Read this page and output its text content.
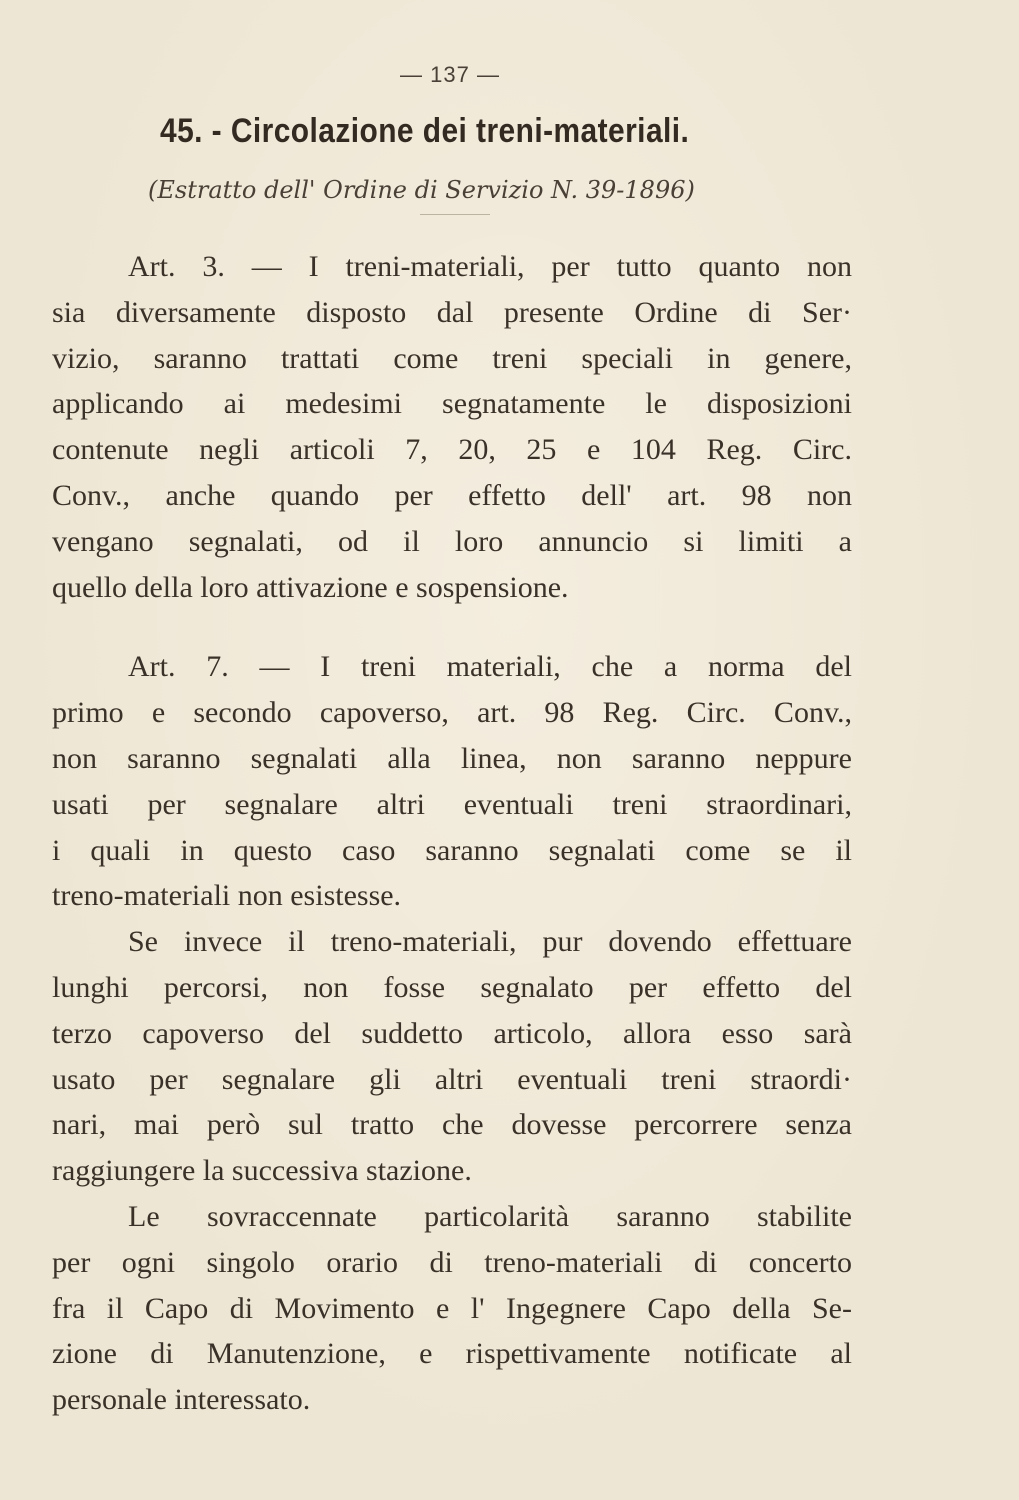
— 137 —
45. - Circolazione dei treni-materiali.
(Estratto dell' Ordine di Servizio N. 39-1896)
Art. 3. — I treni-materiali, per tutto quanto non
sia diversamente disposto dal presente Ordine di Ser·
vizio, saranno trattati come treni speciali in genere,
applicando ai medesimi segnatamente le disposizioni
contenute negli articoli 7, 20, 25 e 104 Reg. Circ.
Conv., anche quando per effetto dell' art. 98 non
vengano segnalati, od il loro annuncio si limiti a
quello della loro attivazione e sospensione.
Art. 7. — I treni materiali, che a norma del
primo e secondo capoverso, art. 98 Reg. Circ. Conv.,
non saranno segnalati alla linea, non saranno neppure
usati per segnalare altri eventuali treni straordinari,
i quali in questo caso saranno segnalati come se il
treno-materiali non esistesse.
Se invece il treno-materiali, pur dovendo effettuare
lunghi percorsi, non fosse segnalato per effetto del
terzo capoverso del suddetto articolo, allora esso sarà
usato per segnalare gli altri eventuali treni straordi·
nari, mai però sul tratto che dovesse percorrere senza
raggiungere la successiva stazione.
Le sovraccennate particolarità saranno stabilite
per ogni singolo orario di treno-materiali di concerto
fra il Capo di Movimento e l' Ingegnere Capo della Se-
zione di Manutenzione, e rispettivamente notificate al
personale interessato.
